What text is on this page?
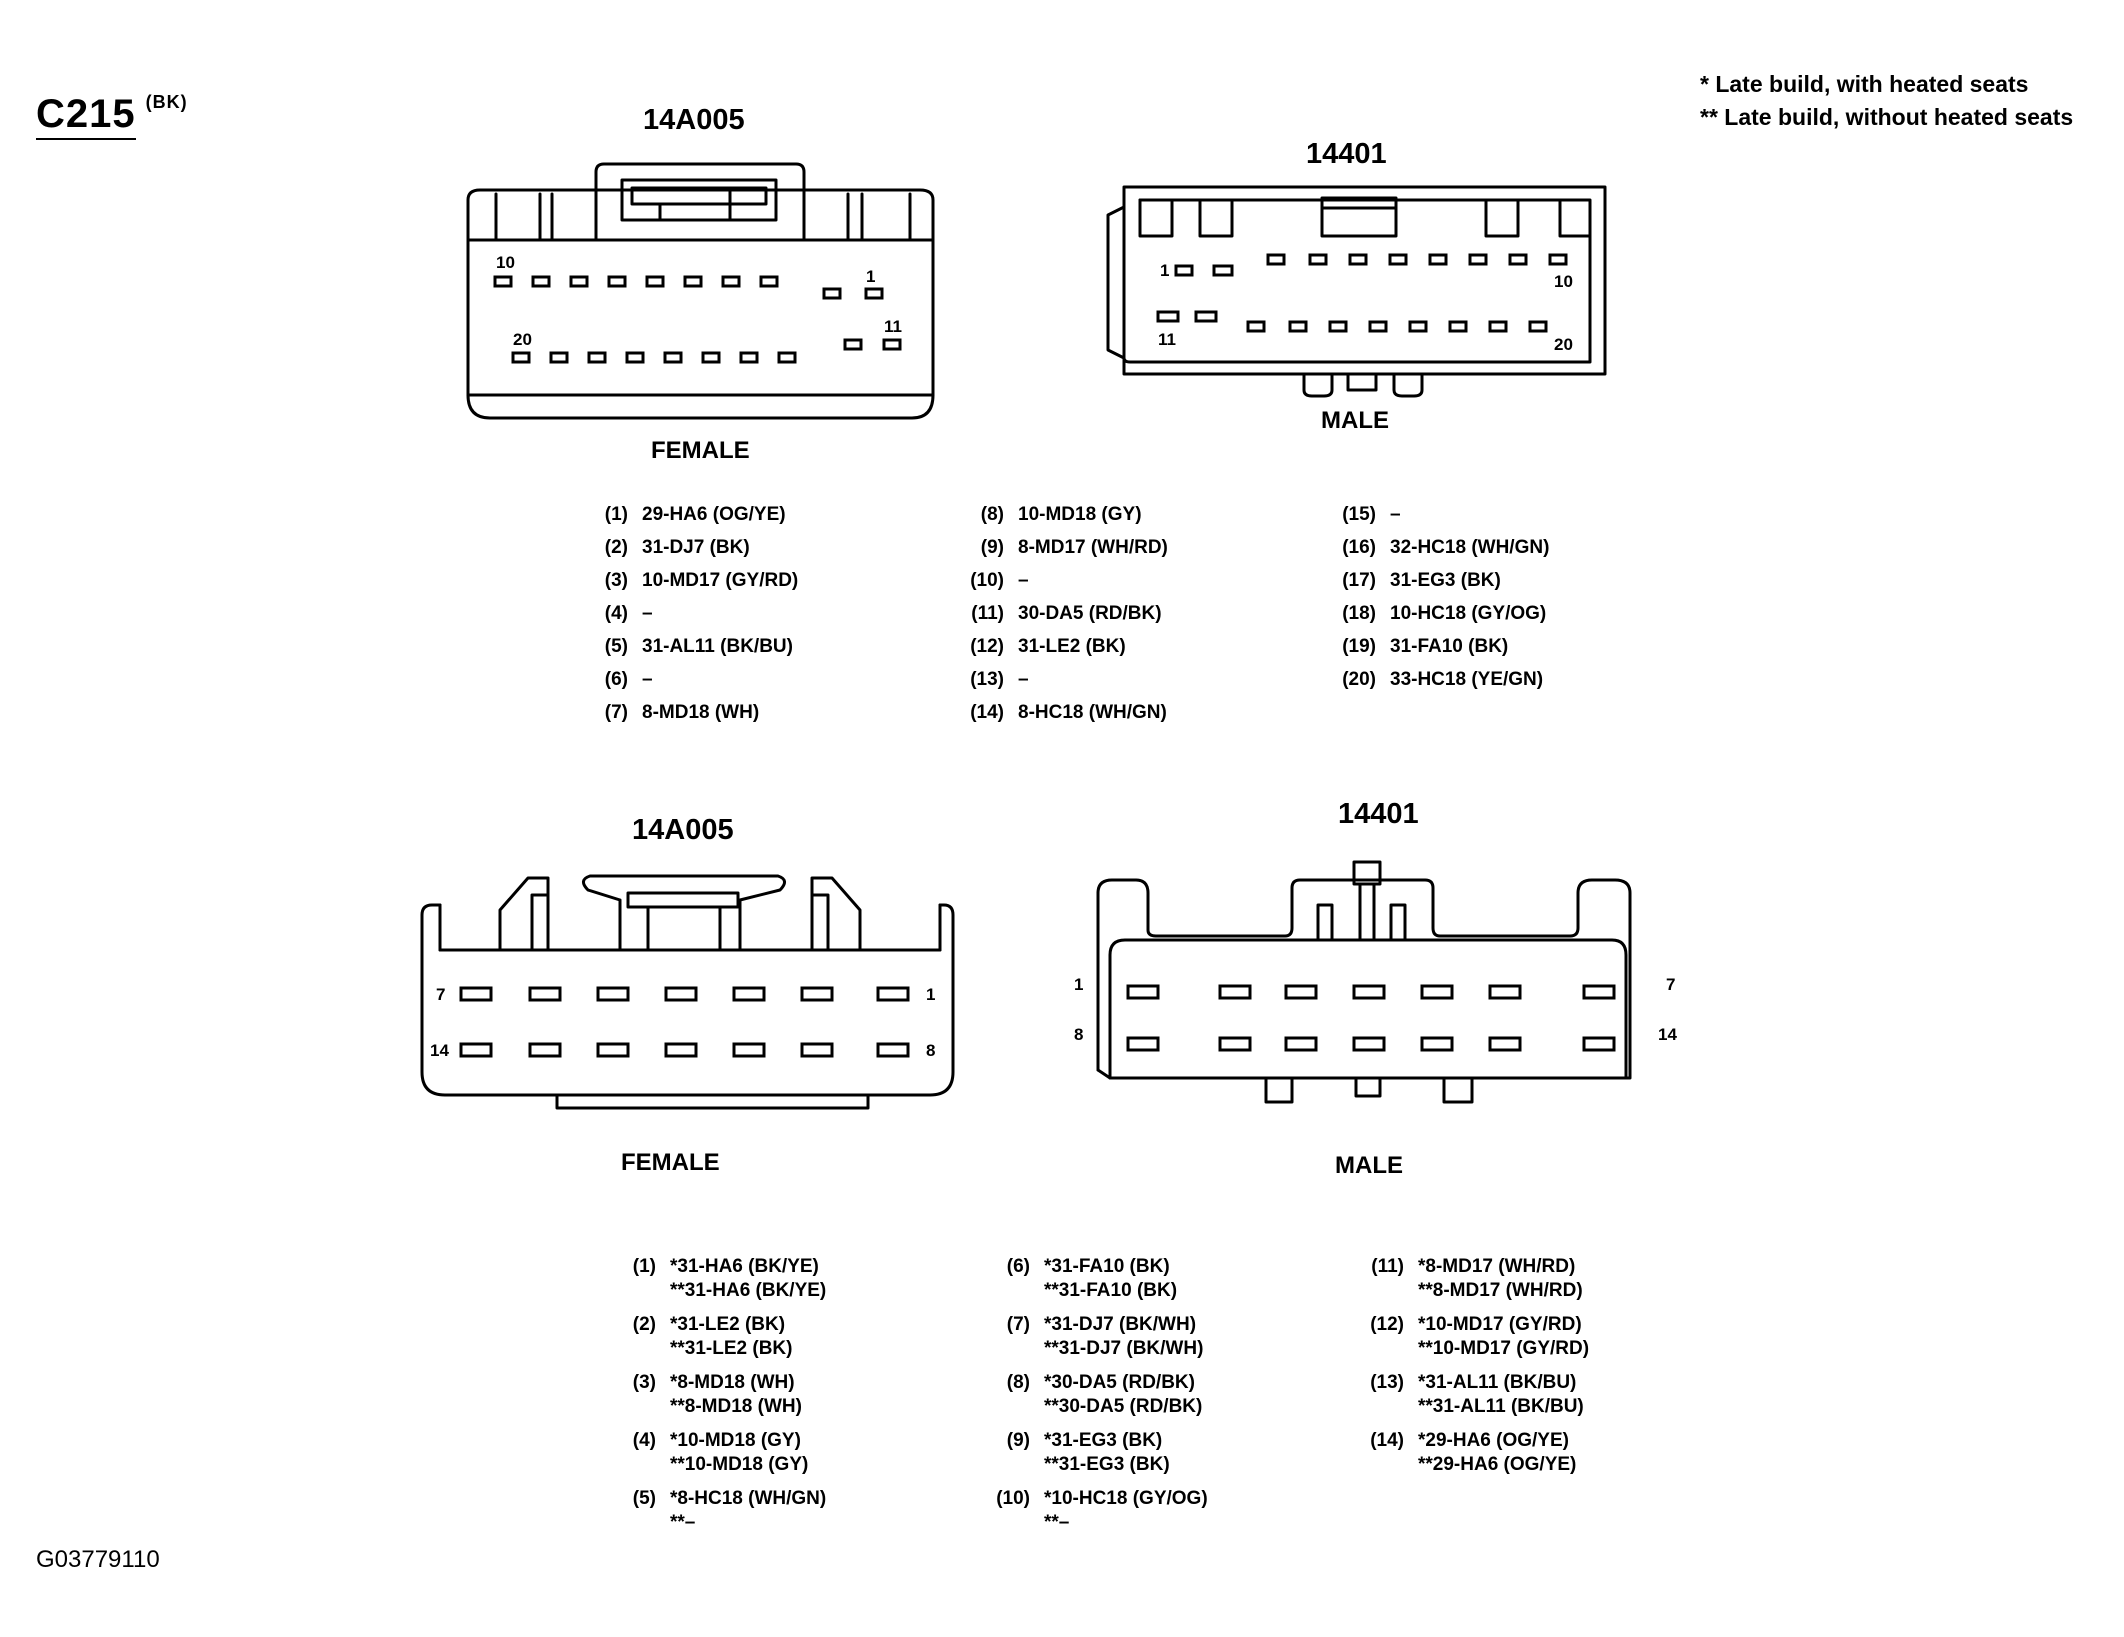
C215 $^{(BK)}$
* Late build, with heated seats
** Late build, without heated seats
14A005
14401
FEMALE
MALE
14A005	14401
FEMALE	MALE
10
1
20
11
1
10
11	20
7	1
14	8
1	7
8	14
(1) 29-HA6 (OG/YE)
(2) 31-DJ7 (BK)
(3) 10-MD17 (GY/RD)
(4) –
(5) 31-AL11 (BK/BU)
(6) –
(7) 8-MD18 (WH)
(8) 10-MD18 (GY)
(9) 8-MD17 (WH/RD)
(10) –
(11) 30-DA5 (RD/BK)
(12) 31-LE2 (BK)
(13) –
(14) 8-HC18 (WH/GN)
(15) –
(16) 32-HC18 (WH/GN)
(17) 31-EG3 (BK)
(18) 10-HC18 (GY/OG)
(19) 31-FA10 (BK)
(20) 33-HC18 (YE/GN)
(1) *31-HA6 (BK/YE)
**31-HA6 (BK/YE)
(2) *31-LE2 (BK)
**31-LE2 (BK)
(3) *8-MD18 (WH)
**8-MD18 (WH)
(4) *10-MD18 (GY)
**10-MD18 (GY)
(5) *8-HC18 (WH/GN)
**–
(6) *31-FA10 (BK)
**31-FA10 (BK)
(7) *31-DJ7 (BK/WH)
**31-DJ7 (BK/WH)
(8) *30-DA5 (RD/BK)
**30-DA5 (RD/BK)
(9) *31-EG3 (BK)
**31-EG3 (BK)
(10) *10-HC18 (GY/OG)
**–
(11) *8-MD17 (WH/RD)
**8-MD17 (WH/RD)
(12) *10-MD17 (GY/RD)
**10-MD17 (GY/RD)
(13) *31-AL11 (BK/BU)
**31-AL11 (BK/BU)
(14) *29-HA6 (OG/YE)
**29-HA6 (OG/YE)
G03779110
